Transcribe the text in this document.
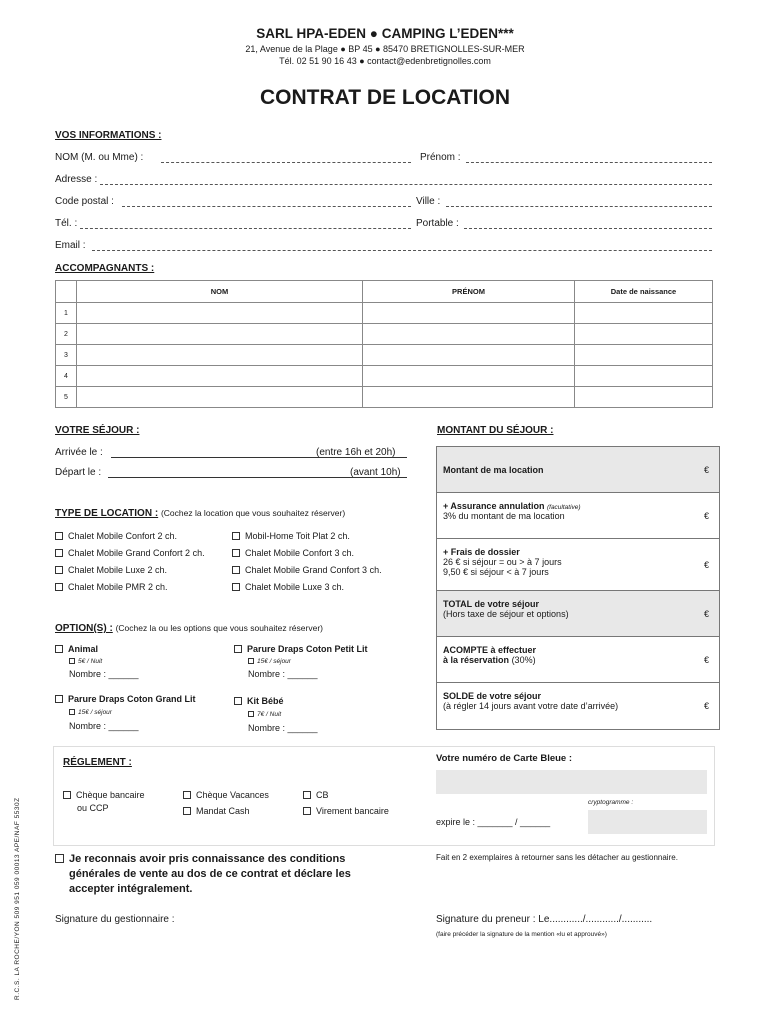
SARL HPA-EDEN ● CAMPING L’EDEN***
21, Avenue de la Plage ● BP 45 ● 85470 BRETIGNOLLES-SUR-MER
Tél. 02 51 90 16 43 ● contact@edenbretignolles.com
CONTRAT DE LOCATION
VOS INFORMATIONS :
NOM (M. ou Mme) :	Prénom :
Adresse :
Code postal :	Ville :
Tél. :	Portable :
Email :
ACCOMPAGNANTS :
	NOM	PRÉNOM	Date de naissance
1			
2			
3			
4			
5			
VOTRE SÉJOUR :
Arrivée le :	(entre 16h et 20h)
Départ le :	(avant 10h)
TYPE DE LOCATION : (Cochez la location que vous souhaitez réserver)
Chalet Mobile Confort 2 ch.
Chalet Mobile Grand Confort 2 ch.
Chalet Mobile Luxe 2 ch.
Chalet Mobile PMR 2 ch.
Mobil-Home Toit Plat 2 ch.
Chalet Mobile Confort 3 ch.
Chalet Mobile Grand Confort 3 ch.
Chalet Mobile Luxe 3 ch.
OPTION(S) : (Cochez la ou les options que vous souhaitez réserver)
Animal
5€ / Nuit
Nombre : ______
Parure Draps Coton Petit Lit
15€ / séjour
Nombre : ______
Parure Draps Coton Grand Lit
15€ / séjour
Nombre : ______
Kit Bébé
7€ / Nuit
Nombre : ______
MONTANT DU SÉJOUR :
Montant de ma location	€
+ Assurance annulation (facultative)
3% du montant de ma location	€
+ Frais de dossier
26 € si séjour = ou > à 7 jours
9,50 € si séjour < à 7 jours
€
TOTAL de votre séjour
(Hors taxe de séjour et options)	€
ACOMPTE à effectuer
à la réservation (30%)	€
SOLDE de votre séjour
(à régler 14 jours avant votre date d’arrivée)	€
RÉGLEMENT :
Chèque bancaire
ou CCP
Chèque Vacances
Mandat Cash
CB
Virement bancaire
Votre numéro de Carte Bleue :
cryptogramme :
expire le : _______ / ______
Je reconnais avoir pris connaissance des conditions
générales de vente au dos de ce contrat et déclare les
accepter intégralement.
Fait en 2 exemplaires à retourner sans les détacher au gestionnaire.
Signature du gestionnaire :	Signature du preneur : Le............/............/...........
(faire précéder la signature de la mention «lu et approuvé»)
R.C.S. LA ROCHE/YON 509 951 059 00013 APE/NAF 5530Z
